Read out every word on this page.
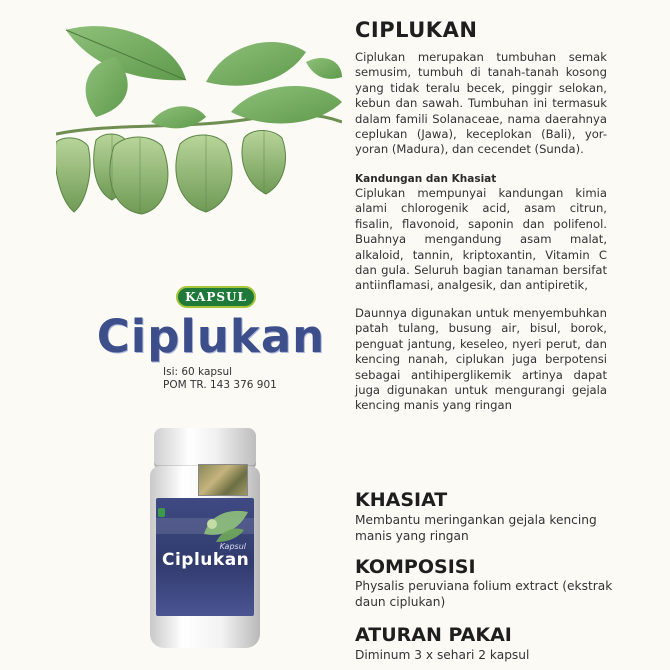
KAPSUL
Ciplukan
Isi: 60 kapsul
POM TR. 143 376 901
Kapsul
Ciplukan
CIPLUKAN
Ciplukan merupakan tumbuhan semak semusim, tumbuh di tanah-tanah kosong yang tidak teralu becek, pinggir selokan, kebun dan sawah. Tumbuhan ini termasuk dalam famili Solanaceae, nama daerahnya ceplukan (Jawa), keceplokan (Bali), yor-yoran (Madura), dan cecendet (Sunda).
Kandungan dan Khasiat
Ciplukan mempunyai kandungan kimia alami chlorogenik acid, asam citrun, fisalin, flavonoid, saponin dan polifenol. Buahnya mengandung asam malat, alkaloid, tannin, kriptoxantin, Vitamin C dan gula. Seluruh bagian tanaman bersifat antiinflamasi, analgesik, dan antipiretik,
Daunnya digunakan untuk menyembuhkan patah tulang, busung air, bisul, borok, penguat jantung, keseleo, nyeri perut, dan kencing nanah, ciplukan juga berpotensi sebagai antihiperglikemik artinya dapat juga digunakan untuk mengurangi gejala kencing manis yang ringan
KHASIAT
Membantu meringankan gejala kencing manis yang ringan
KOMPOSISI
Physalis peruviana folium extract (ekstrak daun ciplukan)
ATURAN PAKAI
Diminum 3 x sehari 2 kapsul
